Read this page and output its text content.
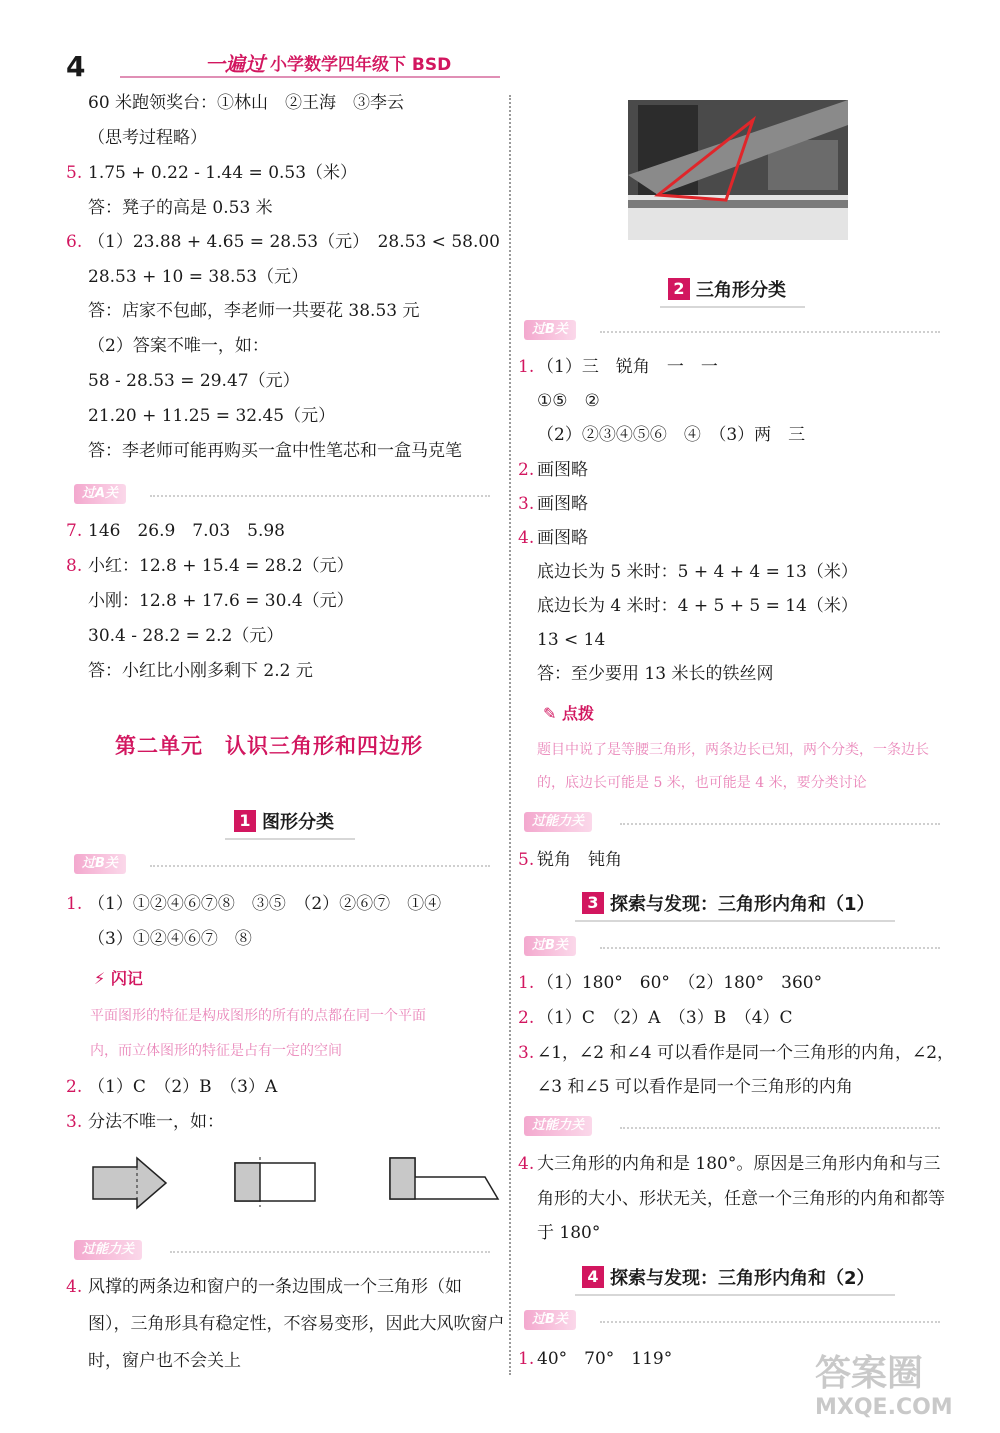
4	一遍过 小学数学四年级下 BSD
60 米跑领奖台：①林山　②王海　③李云
（思考过程略）
5. 1.75 + 0.22 - 1.44 = 0.53（米）
答：凳子的高是 0.53 米
6. （1）23.88 + 4.65 = 28.53（元）　28.53 < 58.00
28.53 + 10 = 38.53（元）
答：店家不包邮，李老师一共要花 38.53 元
（2）答案不唯一，如：
58 - 28.53 = 29.47（元）
21.20 + 11.25 = 32.45（元）
答：李老师可能再购买一盒中性笔芯和一盒马克笔
过A关
7. 146　26.9　7.03　5.98
8. 小红：12.8 + 15.4 = 28.2（元）
小刚：12.8 + 17.6 = 30.4（元）
30.4 - 28.2 = 2.2（元）
答：小红比小刚多剩下 2.2 元
第二单元　认识三角形和四边形
1 图形分类
过B关
1. （1）①②④⑥⑦⑧　③⑤　（2）②⑥⑦　①④
（3）①②④⑥⑦　⑧
⚡ 闪记
平面图形的特征是构成图形的所有的点都在同一个平面
内，而立体图形的特征是占有一定的空间
2. （1）C　（2）B　（3）A
3. 分法不唯一，如：
过能力关
4. 风撑的两条边和窗户的一条边围成一个三角形（如
图），三角形具有稳定性，不容易变形，因此大风吹窗户
时，窗户也不会关上
2 三角形分类
过B关
1. （1）三　锐角　一　一
①⑤　②
（2）②③④⑤⑥　④　（3）两　三
2. 画图略
3. 画图略
4. 画图略
底边长为 5 米时：5 + 4 + 4 = 13（米）
底边长为 4 米时：4 + 5 + 5 = 14（米）
13 < 14
答：至少要用 13 米长的铁丝网
✎ 点拨
题目中说了是等腰三角形，两条边长已知，两个分类，一条边长
的，底边长可能是 5 米，也可能是 4 米，要分类讨论
过能力关
5. 锐角　钝角
3 探索与发现：三角形内角和（1）
过B关
1. （1）180°　60°　（2）180°　360°
2. （1）C　（2）A　（3）B　（4）C
3. ∠1，∠2 和∠4 可以看作是同一个三角形的内角，∠2，
∠3 和∠5 可以看作是同一个三角形的内角
过能力关
4. 大三角形的内角和是 180°。原因是三角形内角和与三
角形的大小、形状无关，任意一个三角形的内角和都等
于 180°
4 探索与发现：三角形内角和（2）
过B关
1. 40°　70°　119°	答案圈
MXQE.COM
